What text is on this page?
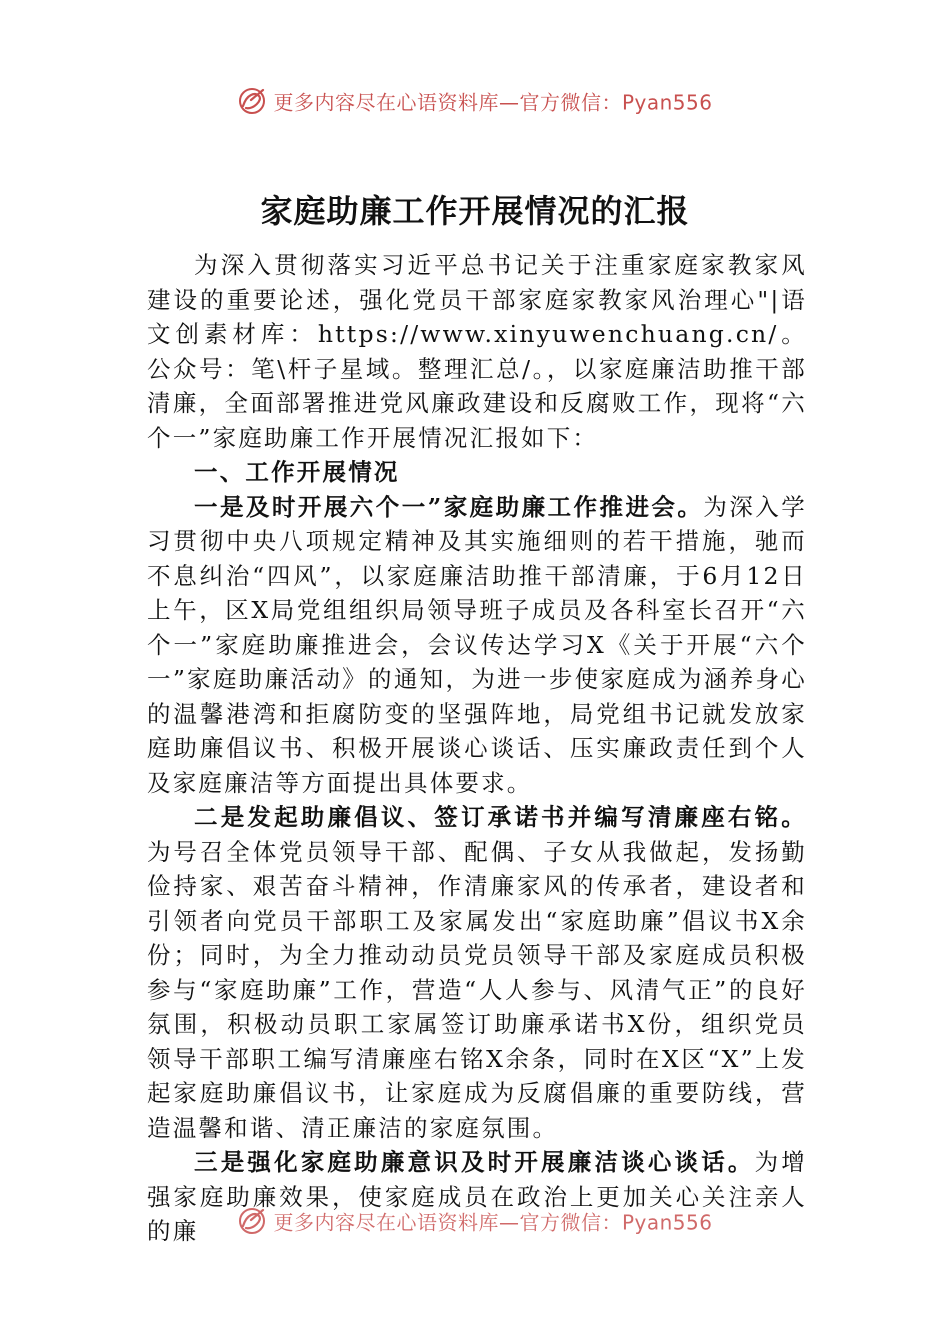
更多内容尽在心语资料库—官方微信：Pyan556
家庭助廉工作开展情况的汇报

为深入贯彻落实习近平总书记关于注重家庭家教家风建设的重要论述，强化党员干部家庭家教家风治理心"|语文创素材库：https://www.xinyuwenchuang.cn/。公众号：笔\杆子星域。整理汇总/。，以家庭廉洁助推干部清廉，全面部署推进党风廉政建设和反腐败工作，现将“六个一”家庭助廉工作开展情况汇报如下：

一、工作开展情况

一是及时开展六个一”家庭助廉工作推进会。为深入学习贯彻中央八项规定精神及其实施细则的若干措施，驰而不息纠治“四风”，以家庭廉洁助推干部清廉，于6月12日上午，区X局党组组织局领导班子成员及各科室长召开“六个一”家庭助廉推进会，会议传达学习X《关于开展“六个一”家庭助廉活动》的通知，为进一步使家庭成为涵养身心的温馨港湾和拒腐防变的坚强阵地，局党组书记就发放家庭助廉倡议书、积极开展谈心谈话、压实廉政责任到个人及家庭廉洁等方面提出具体要求。

二是发起助廉倡议、签订承诺书并编写清廉座右铭。为号召全体党员领导干部、配偶、子女从我做起，发扬勤俭持家、艰苦奋斗精神，作清廉家风的传承者，建设者和引领者向党员干部职工及家属发出“家庭助廉”倡议书X余份；同时，为全力推动动员党员领导干部及家庭成员积极参与“家庭助廉”工作，营造“人人参与、风清气正”的良好氛围，积极动员职工家属签订助廉承诺书X份，组织党员领导干部职工编写清廉座右铭X余条，同时在X区“X”上发起家庭助廉倡议书，让家庭成为反腐倡廉的重要防线，营造温馨和谐、清正廉洁的家庭氛围。

三是强化家庭助廉意识及时开展廉洁谈心谈话。为增强家庭助廉效果，使家庭成员在政治上更加关心关注亲人的廉	更多内容尽在心语资料库—官方微信：Pyan556
